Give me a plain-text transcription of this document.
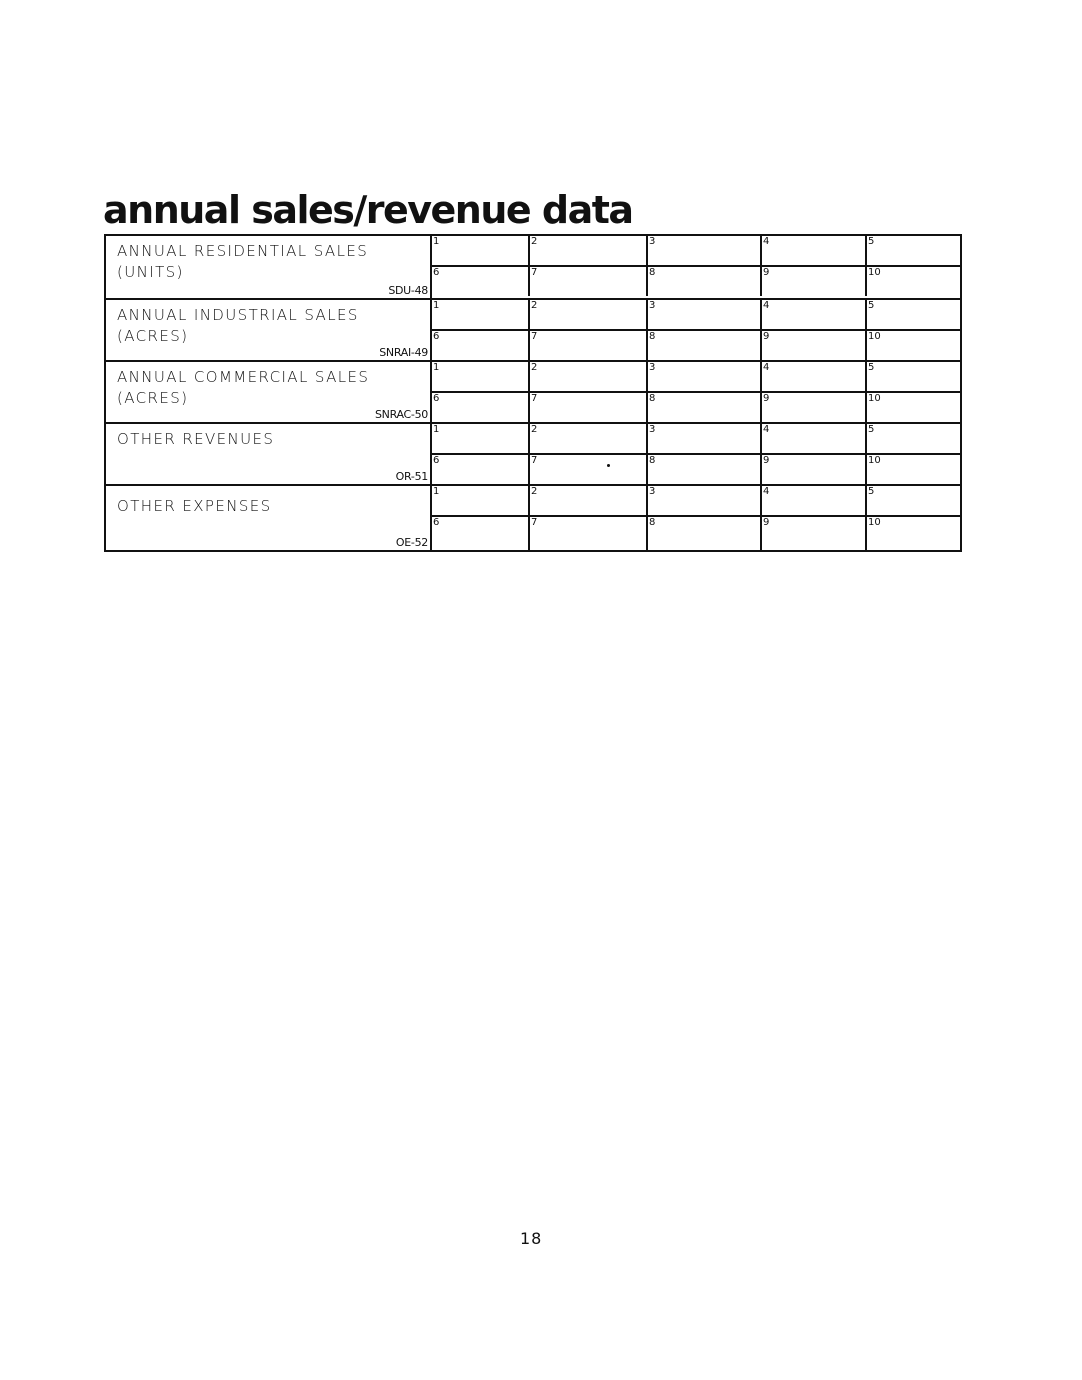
annual sales∕revenue data
ANNUAL RESIDENTIAL SALES
(UNITS)
SDU-48
1	2	3	4	5
6	7	8	9	10
ANNUAL INDUSTRIAL SALES
(ACRES)
SNRAI-49
1	2	3	4	5
6	7	8	9	10
ANNUAL COMMERCIAL SALES
(ACRES)
SNRAC-50
1	2	3	4	5
6	7	8	9	10
OTHER REVENUES
OR-51
1	2	3	4	5
6	7	8	9	10
OTHER EXPENSES
OE-52
1	2	3	4	5
6	7	8	9	10
18
